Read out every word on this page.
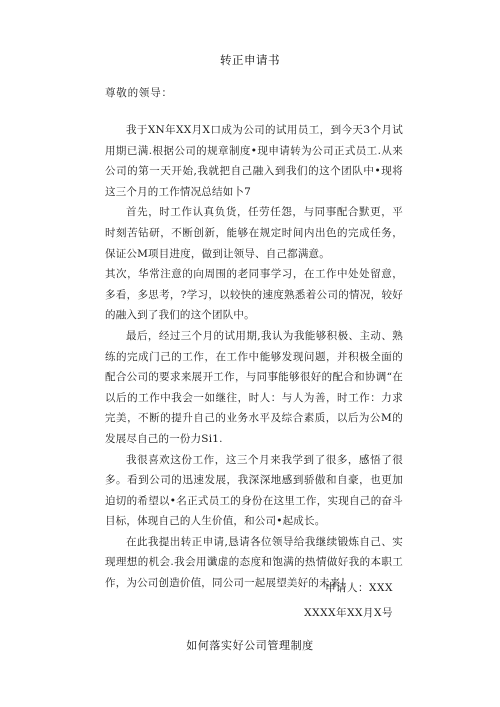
转正申请书
尊敬的领导：

我于XN年XX月X口成为公司的试用员工，到今天3个月试用期已满.根据公司的规章制度•现申请转为公司正式员工.从来公司的第一天开始,我就把自己融入到我们的这个团队中•现将这三个月的工作情况总结如卜7

首先，时工作认真负货，任劳任怨，与同事配合默更，平时刻苦钻研，不断创新，能够在规定时间内出色的完成任务，保证公M项目进度，做到让领导、自己都满意。

其次，华常注意的向周围的老同事学习，在工作中处处留意，多看，多思考，?学习，以较快的速度熟悉着公司的情况，较好的融入到了我们的这个团队中。

最后，经过三个月的试用期,我认为我能够积极、主动、熟练的完成门己的工作，在工作中能够发现问题，并积极全面的配合公司的要求来展开工作，与同事能够很好的配合和协调“在以后的工作中我会一如继往，时人：与人为善，时工作：力求完美，不断的提升自己的业务水平及综合素质，以后为公M的发展尽自己的一份力Si1.

我很喜欢这份工作，这三个月来我学到了很多，感悟了很多。看到公司的迅速发展，我深深地感到骄傲和自豪，也更加迫切的希望以•名正式员工的身份在这里工作，实现自己的奋斗目标，体现自己的人生价值，和公司•起成长。

在此我提出转正申请,恳请各位领导给我继续锻炼自己、实现理想的机会.我会用谶虚的态度和饱满的热情做好我的本职工作，为公司创造价值，同公司一起展望美好的未来！

申请人：XXX
XXXX年XX月X号
如何落实好公司管理制度
